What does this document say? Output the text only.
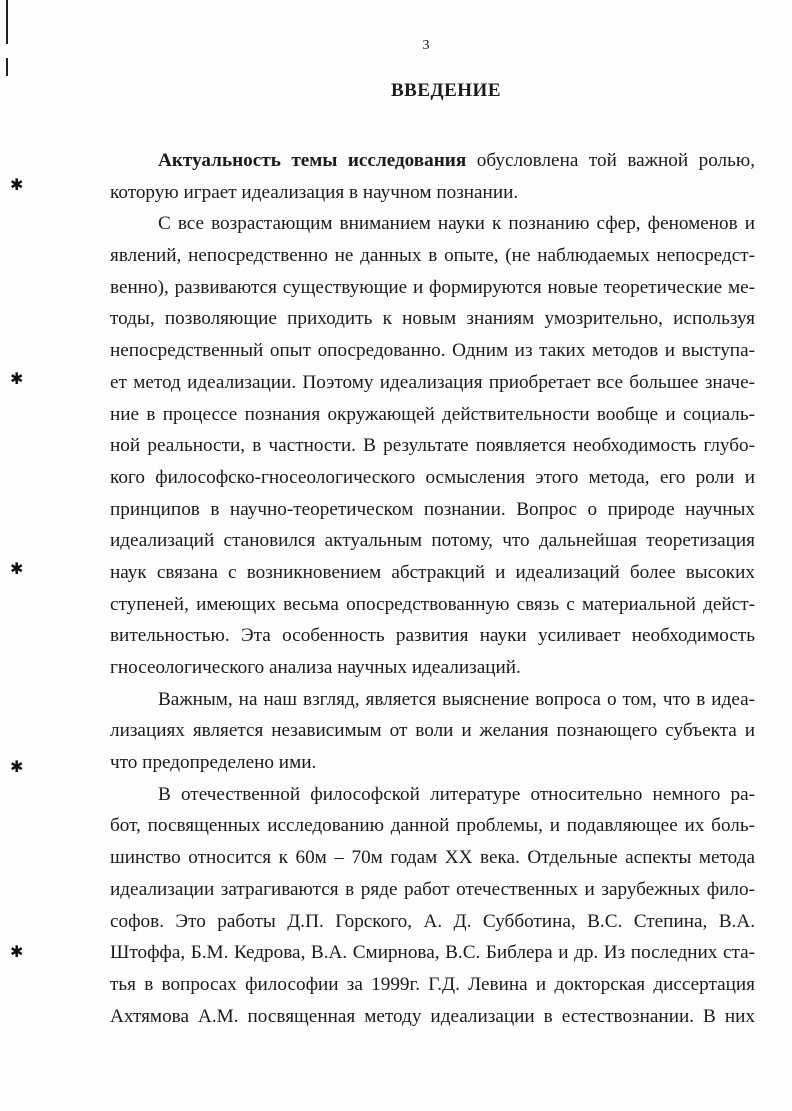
✱
✱
✱
✱
✱
3
ВВЕДЕНИЕ
Актуальность темы исследования обусловлена той важной ролью,
которую играет идеализация в научном познании.
С все возрастающим вниманием науки к познанию сфер, феноменов и
явлений, непосредственно не данных в опыте, (не наблюдаемых непосредст-
венно), развиваются существующие и формируются новые теоретические ме-
тоды, позволяющие приходить к новым знаниям умозрительно, используя
непосредственный опыт опосредованно. Одним из таких методов и выступа-
ет метод идеализации. Поэтому идеализация приобретает все большее значе-
ние в процессе познания окружающей действительности вообще и социаль-
ной реальности, в частности. В результате появляется необходимость глубо-
кого философско-гносеологического осмысления этого метода, его роли и
принципов в научно-теоретическом познании. Вопрос о природе научных
идеализаций становился актуальным потому, что дальнейшая теоретизация
наук связана с возникновением абстракций и идеализаций более высоких
ступеней, имеющих весьма опосредствованную связь с материальной дейст-
вительностью. Эта особенность развития науки усиливает необходимость
гносеологического анализа научных идеализаций.
Важным, на наш взгляд, является выяснение вопроса о том, что в идеа-
лизациях является независимым от воли и желания познающего субъекта и
что предопределено ими.
В отечественной философской литературе относительно немного ра-
бот, посвященных исследованию данной проблемы, и подавляющее их боль-
шинство относится к 60м – 70м годам XX века. Отдельные аспекты метода
идеализации затрагиваются в ряде работ отечественных и зарубежных фило-
софов. Это работы Д.П. Горского, А. Д. Субботина, В.С. Степина, В.А.
Штоффа, Б.М. Кедрова, В.А. Смирнова, В.С. Библера и др. Из последних ста-
тья в вопросах философии за 1999г. Г.Д. Левина и докторская диссертация
Ахтямова А.М. посвященная методу идеализации в естествознании. В них
